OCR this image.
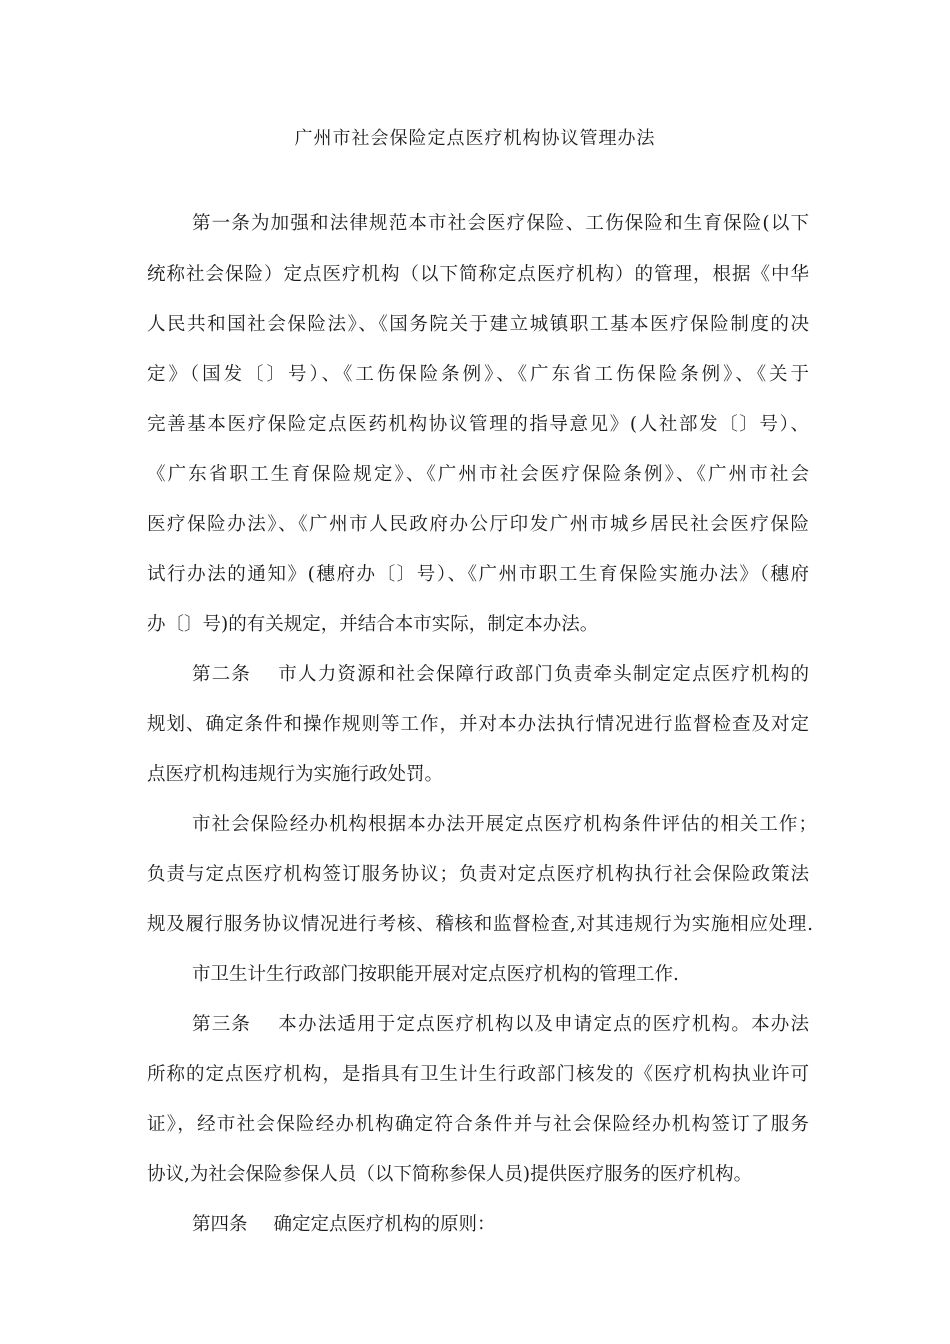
广州市社会保险定点医疗机构协议管理办法
第一条为加强和法律规范本市社会医疗保险、工伤保险和生育保险(以下
统称社会保险）定点医疗机构（以下简称定点医疗机构）的管理，根据《中华
人民共和国社会保险法》、《国务院关于建立城镇职工基本医疗保险制度的决
定》（国发〔〕号）、《工伤保险条例》、《广东省工伤保险条例》、《关于
完善基本医疗保险定点医药机构协议管理的指导意见》(人社部发〔〕号）、
《广东省职工生育保险规定》、《广州市社会医疗保险条例》、《广州市社会
医疗保险办法》、《广州市人民政府办公厅印发广州市城乡居民社会医疗保险
试行办法的通知》(穗府办〔〕号）、《广州市职工生育保险实施办法》（穗府
办〔〕号)的有关规定，并结合本市实际，制定本办法。
第二条 市人力资源和社会保障行政部门负责牵头制定定点医疗机构的
规划、确定条件和操作规则等工作，并对本办法执行情况进行监督检查及对定
点医疗机构违规行为实施行政处罚。
市社会保险经办机构根据本办法开展定点医疗机构条件评估的相关工作；
负责与定点医疗机构签订服务协议；负责对定点医疗机构执行社会保险政策法
规及履行服务协议情况进行考核、稽核和监督检查,对其违规行为实施相应处理.
市卫生计生行政部门按职能开展对定点医疗机构的管理工作.
第三条 本办法适用于定点医疗机构以及申请定点的医疗机构。本办法
所称的定点医疗机构，是指具有卫生计生行政部门核发的《医疗机构执业许可
证》，经市社会保险经办机构确定符合条件并与社会保险经办机构签订了服务
协议,为社会保险参保人员（以下简称参保人员)提供医疗服务的医疗机构。
第四条 确定定点医疗机构的原则：
